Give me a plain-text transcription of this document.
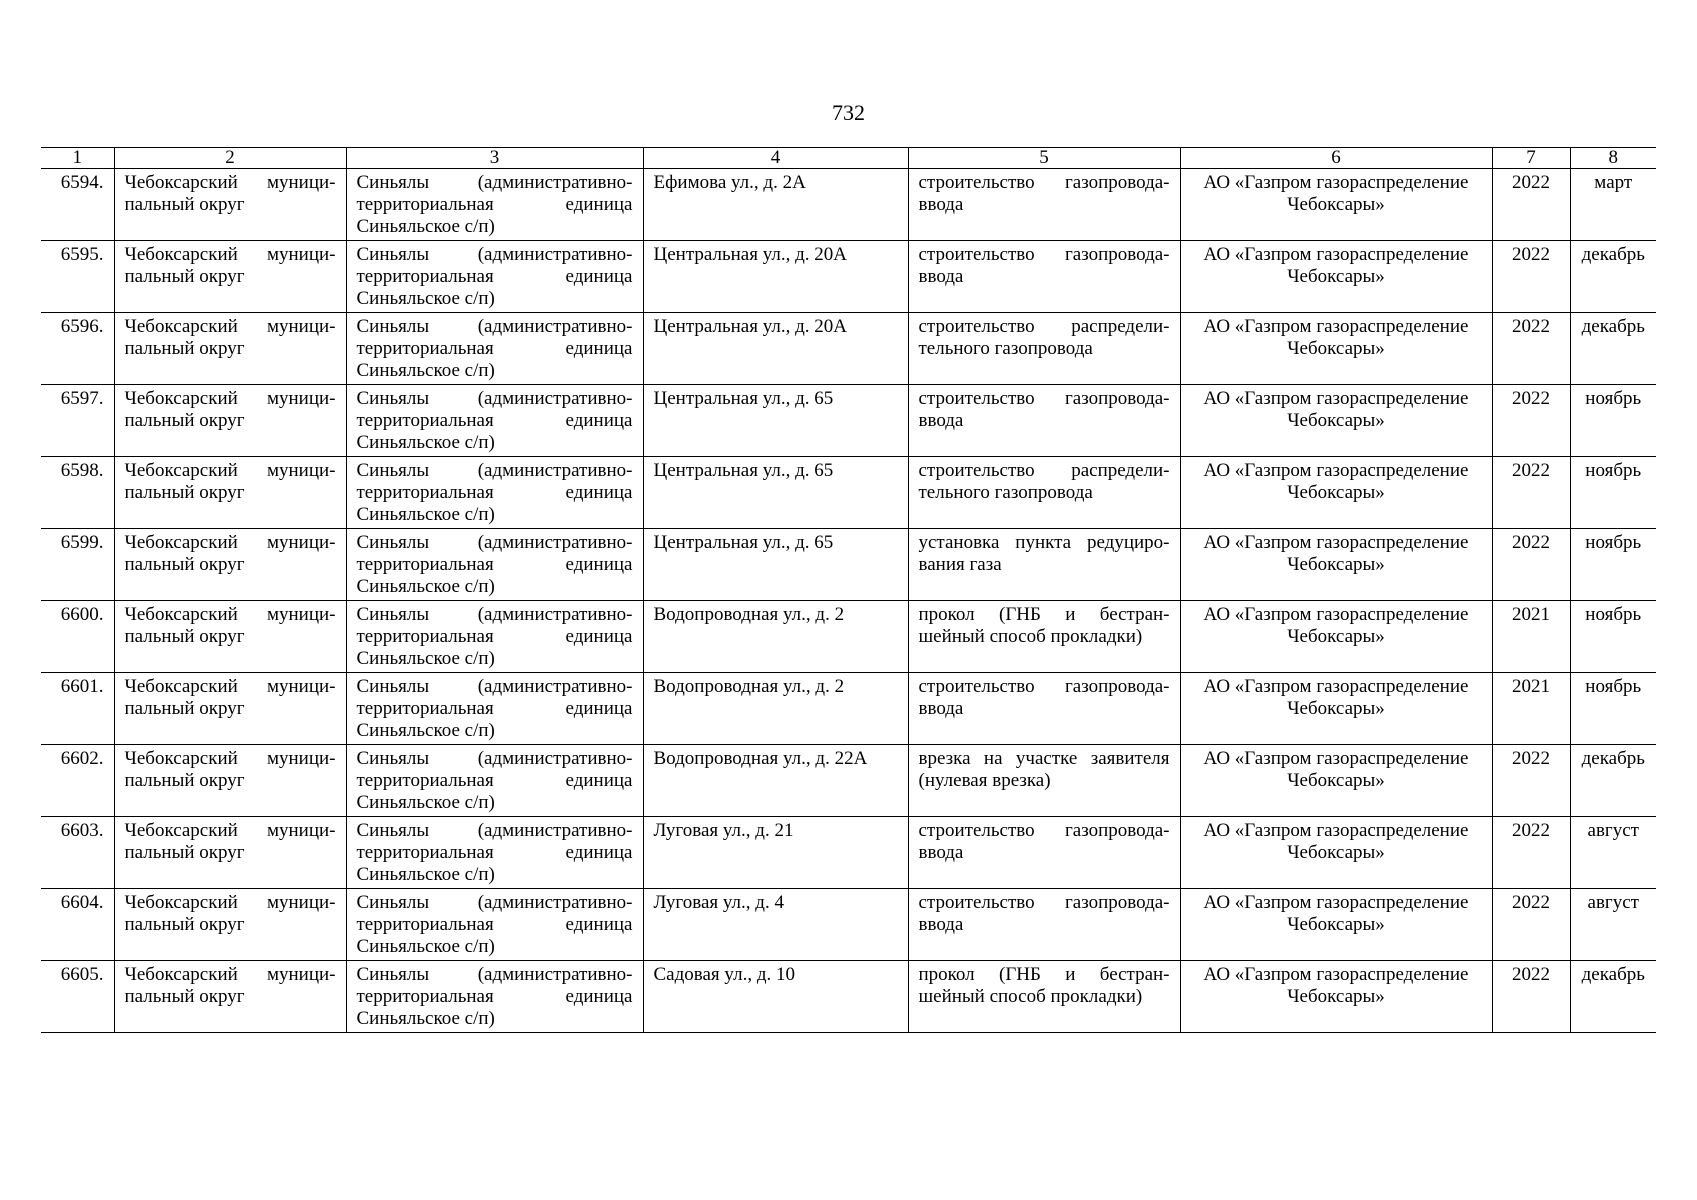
732
1	2	3	4	5	6	7	8
6594.	Чебоксарский муници-
пальный округ	Синьялы (административно-
территориальная единица
Синьяльское с/п)	Ефимова ул., д. 2А	строительство газопровода-
ввода	АО «Газпром газораспределение
Чебоксары»	2022	март
6595.	Чебоксарский муници-
пальный округ	Синьялы (административно-
территориальная единица
Синьяльское с/п)	Центральная ул., д. 20А	строительство газопровода-
ввода	АО «Газпром газораспределение
Чебоксары»	2022	декабрь
6596.	Чебоксарский муници-
пальный округ	Синьялы (административно-
территориальная единица
Синьяльское с/п)	Центральная ул., д. 20А	строительство распредели-
тельного газопровода	АО «Газпром газораспределение
Чебоксары»	2022	декабрь
6597.	Чебоксарский муници-
пальный округ	Синьялы (административно-
территориальная единица
Синьяльское с/п)	Центральная ул., д. 65	строительство газопровода-
ввода	АО «Газпром газораспределение
Чебоксары»	2022	ноябрь
6598.	Чебоксарский муници-
пальный округ	Синьялы (административно-
территориальная единица
Синьяльское с/п)	Центральная ул., д. 65	строительство распредели-
тельного газопровода	АО «Газпром газораспределение
Чебоксары»	2022	ноябрь
6599.	Чебоксарский муници-
пальный округ	Синьялы (административно-
территориальная единица
Синьяльское с/п)	Центральная ул., д. 65	установка пункта редуциро-
вания газа	АО «Газпром газораспределение
Чебоксары»	2022	ноябрь
6600.	Чебоксарский муници-
пальный округ	Синьялы (административно-
территориальная единица
Синьяльское с/п)	Водопроводная ул., д. 2	прокол (ГНБ и бестран-
шейный способ прокладки)	АО «Газпром газораспределение
Чебоксары»	2021	ноябрь
6601.	Чебоксарский муници-
пальный округ	Синьялы (административно-
территориальная единица
Синьяльское с/п)	Водопроводная ул., д. 2	строительство газопровода-
ввода	АО «Газпром газораспределение
Чебоксары»	2021	ноябрь
6602.	Чебоксарский муници-
пальный округ	Синьялы (административно-
территориальная единица
Синьяльское с/п)	Водопроводная ул., д. 22А	врезка на участке заявителя
(нулевая врезка)	АО «Газпром газораспределение
Чебоксары»	2022	декабрь
6603.	Чебоксарский муници-
пальный округ	Синьялы (административно-
территориальная единица
Синьяльское с/п)	Луговая ул., д. 21	строительство газопровода-
ввода	АО «Газпром газораспределение
Чебоксары»	2022	август
6604.	Чебоксарский муници-
пальный округ	Синьялы (административно-
территориальная единица
Синьяльское с/п)	Луговая ул., д. 4	строительство газопровода-
ввода	АО «Газпром газораспределение
Чебоксары»	2022	август
6605.	Чебоксарский муници-
пальный округ	Синьялы (административно-
территориальная единица
Синьяльское с/п)	Садовая ул., д. 10	прокол (ГНБ и бестран-
шейный способ прокладки)	АО «Газпром газораспределение
Чебоксары»	2022	декабрь
